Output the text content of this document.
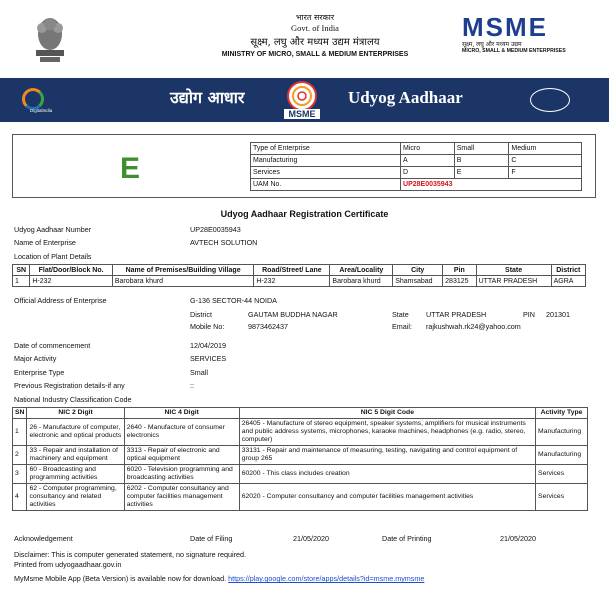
भारत सरकार
Govt. of India
सूक्ष्म, लघु और मध्यम उद्यम मंत्रालय
MINISTRY OF MICRO, SMALL & MEDIUM ENTERPRISES
MSME
सूक्ष्म, लघु और मध्यम उद्यम
MICRO, SMALL & MEDIUM ENTERPRISES
DigitalIndia
उद्योग आधार
MSME
Udyog Aadhaar
E
Type of Enterprise	Micro	Small	Medium
Manufacturing	A	B	C
Services	D	E	F
UAM No.	UP28E0035943		
Udyog Aadhaar Registration Certificate
Udyog Aadhaar Number	UP28E0035943
Name of Enterprise	AVTECH SOLUTION
Location of Plant Details
SN	Flat/Door/Block No.	Name of Premises/Building Village	Road/Street/ Lane	Area/Locality	City	Pin	State	District
1	H-232	Barobara khurd	H-232	Barobara khurd	Shamsabad	283125	UTTAR PRADESH	AGRA
Official Address of Enterprise	G-136 SECTOR-44 NOIDA
District	GAUTAM BUDDHA NAGAR	State UTTAR PRADESH	PIN 201301
Mobile No:	9873462437	Email: rajkushwah.rk24@yahoo.com
Date of commencement	12/04/2019
Major Activity	SERVICES
Enterprise Type	Small
Previous Registration details-if any	::
National Industry Classification Code
SN	NIC 2 Digit	NIC 4 Digit	NIC 5 Digit Code	Activity Type
1	26 - Manufacture of computer, electronic and optical products	2640 - Manufacture of consumer electronics	26405 - Manufacture of stereo equipment, speaker systems, amplifiers for musical instruments and public address systems, microphones, karaoke machines, headphones (e.g. radio, stereo, computer)	Manufacturing
2	33 - Repair and installation of machinery and equipment	3313 - Repair of electronic and optical equipment	33131 - Repair and maintenance of measuring, testing, navigating and control equipment of group 265	Manufacturing
3	60 - Broadcasting and programming activities	6020 - Television programming and broadcasting activities	60200 - This class includes creation	Services
4	62 - Computer programming, consultancy and related activities	6202 - Computer consultancy and computer facilities management activities	62020 - Computer consultancy and computer facilities management activities	Services
Acknowledgement	Date of Filing	21/05/2020	Date of Printing	21/05/2020
Disclaimer: This is computer generated statement, no signature required.
Printed from udyogaadhaar.gov.in
MyMsme Mobile App (Beta Version) is available now for download. https://play.google.com/store/apps/details?id=msme.mymsme
